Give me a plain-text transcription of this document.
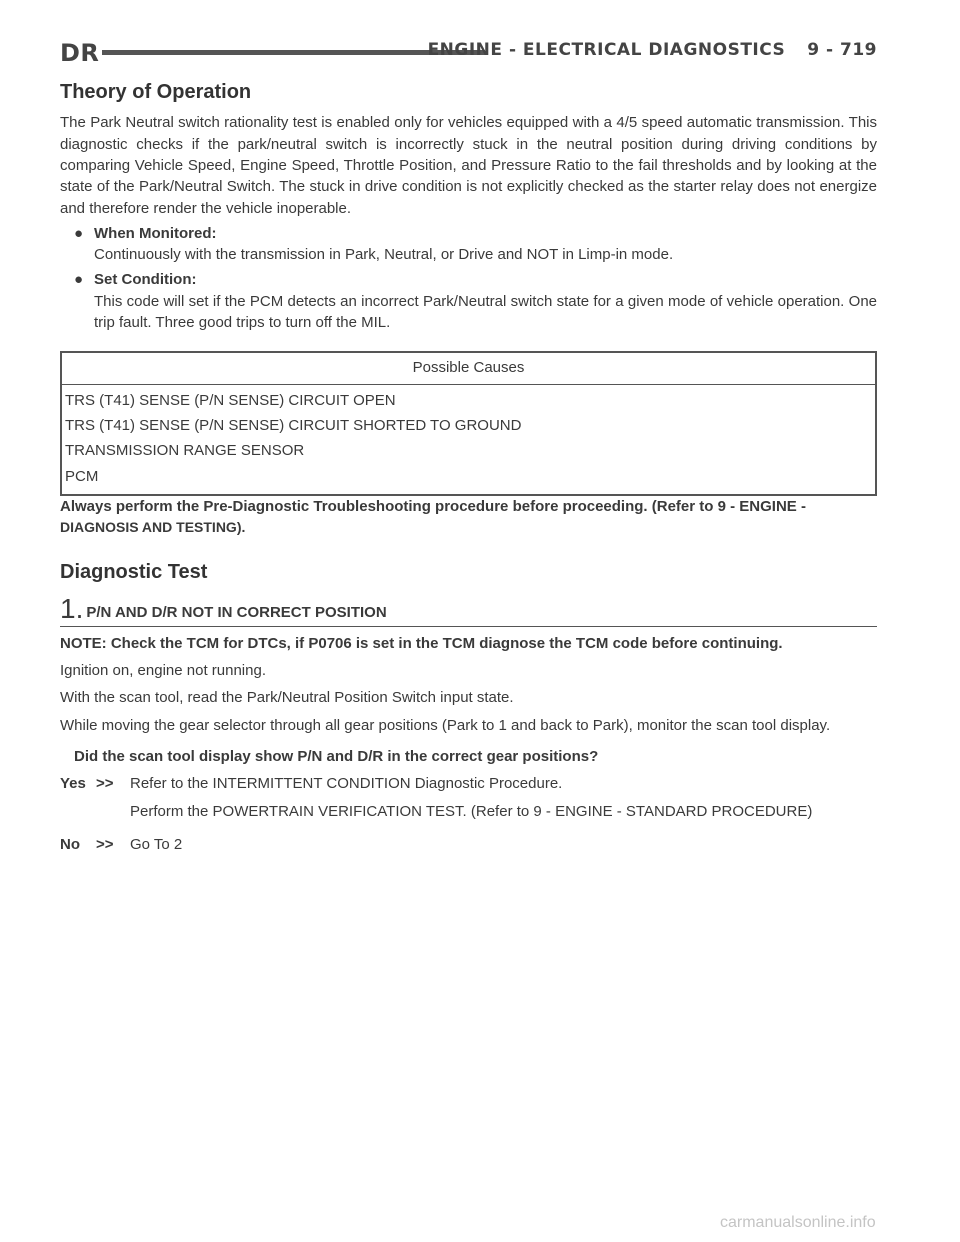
DR	ENGINE - ELECTRICAL DIAGNOSTICS 9 - 719
Theory of Operation

The Park Neutral switch rationality test is enabled only for vehicles equipped with a 4/5 speed automatic transmission. This diagnostic checks if the park/neutral switch is incorrectly stuck in the neutral position during driving conditions by comparing Vehicle Speed, Engine Speed, Throttle Position, and Pressure Ratio to the fail thresholds and by looking at the state of the Park/Neutral Switch. The stuck in drive condition is not explicitly checked as the starter relay does not energize and therefore render the vehicle inoperable.

● When Monitored:
Continuously with the transmission in Park, Neutral, or Drive and NOT in Limp-in mode.
● Set Condition:
This code will set if the PCM detects an incorrect Park/Neutral switch state for a given mode of vehicle operation. One trip fault. Three good trips to turn off the MIL.
Possible Causes
TRS (T41) SENSE (P/N SENSE) CIRCUIT OPEN
TRS (T41) SENSE (P/N SENSE) CIRCUIT SHORTED TO GROUND
TRANSMISSION RANGE SENSOR
PCM

Always perform the Pre-Diagnostic Troubleshooting procedure before proceeding. (Refer to 9 - ENGINE -
DIAGNOSIS AND TESTING).

Diagnostic Test
1. P/N AND D/R NOT IN CORRECT POSITION
NOTE: Check the TCM for DTCs, if P0706 is set in the TCM diagnose the TCM code before continuing.
Ignition on, engine not running.
With the scan tool, read the Park/Neutral Position Switch input state.
While moving the gear selector through all gear positions (Park to 1 and back to Park), monitor the scan tool display.
Did the scan tool display show P/N and D/R in the correct gear positions?
Yes >>	Refer to the INTERMITTENT CONDITION Diagnostic Procedure.
Perform the POWERTRAIN VERIFICATION TEST. (Refer to 9 - ENGINE - STANDARD PROCEDURE)
No	>>	Go To 2
carmanualsonline.info
